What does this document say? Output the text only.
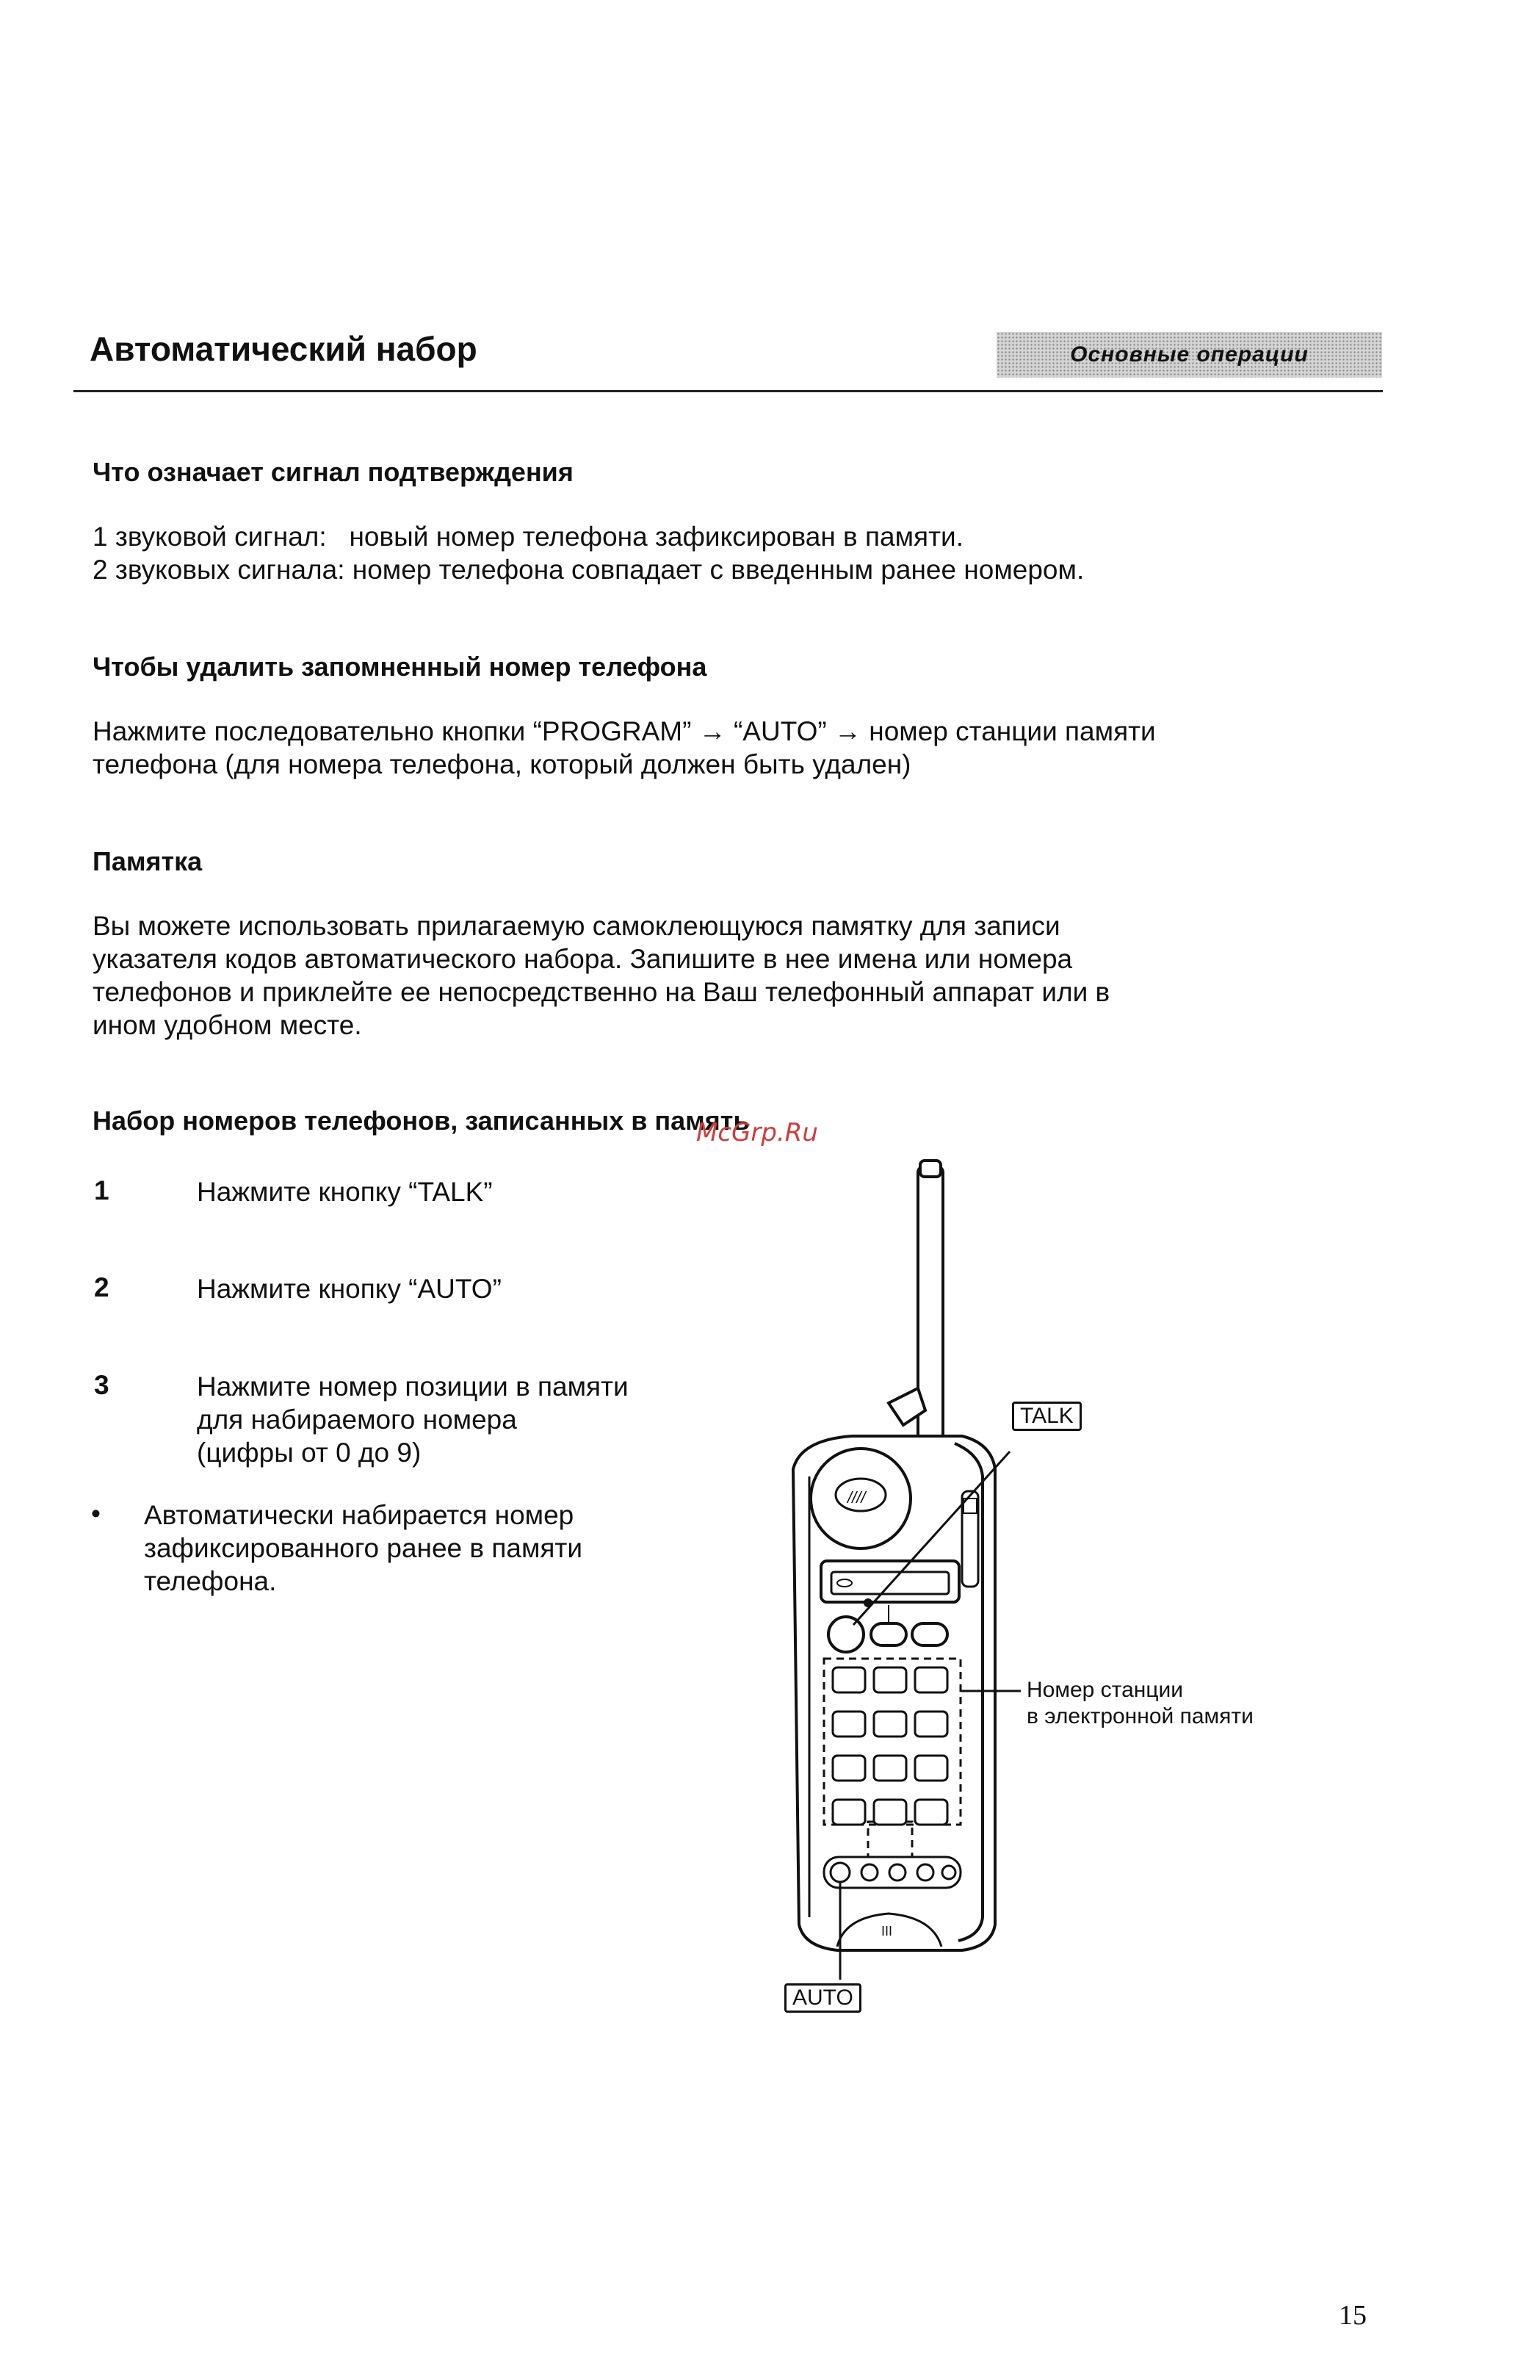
Автоматический набор	Основные операции
Что означает сигнал подтверждения
1 звуковой сигнал:   новый номер телефона зафиксирован в памяти.
2 звуковых сигнала: номер телефона совпадает с введенным ранее номером.
Чтобы удалить запомненный номер телефона
Нажмите последовательно кнопки “PROGRAM” → “AUTO” → номер станции памяти
телефона (для номера телефона, который должен быть удален)
Памятка
Вы можете использовать прилагаемую самоклеющуюся памятку для записи
указателя кодов автоматического набора. Запишите в нее имена или номера
телефонов и приклейте ее непосредственно на Ваш телефонный аппарат или в
ином удобном месте.
Набор номеров телефонов, записанных в память
1	Нажмите кнопку “TALK”
2	Нажмите кнопку “AUTO”
3	Нажмите номер позиции в памяти
для набираемого номера
(цифры от 0 до 9)
• Автоматически набирается номер
зафиксированного ранее в памяти
телефона.
McGrp.Ru
////
III
TALK
Номер станции
в электронной памяти
AUTO
15
